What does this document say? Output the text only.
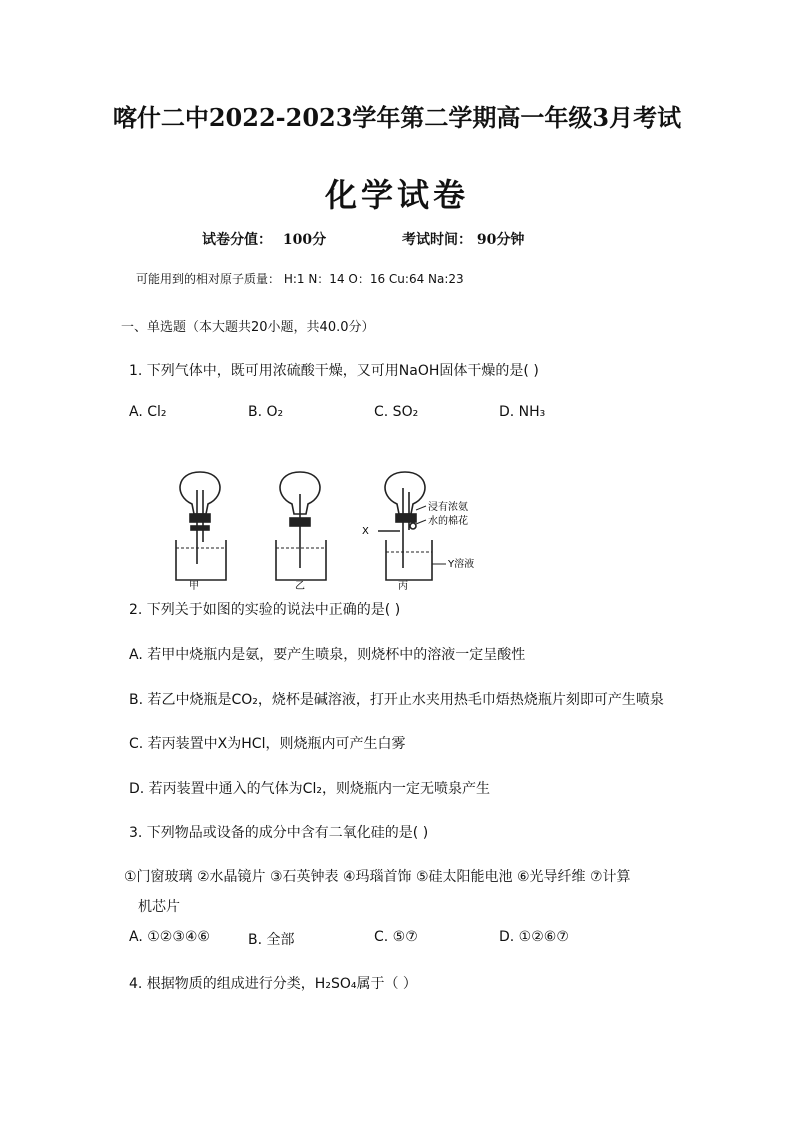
喀什二中2022-2023学年第二学期高一年级3月考试
化学试卷
试卷分值： 100分	考试时间： 90分钟
可能用到的相对原子质量： H:1 N：14 O：16 Cu:64 Na:23
一、单选题（本大题共20小题，共40.0分）
1. 下列气体中，既可用浓硫酸干燥，又可用NaOH固体干燥的是( )
A. Cl₂	B. O₂	C. SO₂	D. NH₃
甲	乙	丙
X
浸有浓氨
水的棉花
Y溶液
2. 下列关于如图的实验的说法中正确的是( )
A. 若甲中烧瓶内是氨，要产生喷泉，则烧杯中的溶液一定呈酸性
B. 若乙中烧瓶是CO₂，烧杯是碱溶液，打开止水夹用热毛巾焐热烧瓶片刻即可产生喷泉
C. 若丙装置中X为HCl，则烧瓶内可产生白雾
D. 若丙装置中通入的气体为Cl₂，则烧瓶内一定无喷泉产生
3. 下列物品或设备的成分中含有二氧化硅的是( )
①门窗玻璃 ②水晶镜片 ③石英钟表 ④玛瑙首饰 ⑤硅太阳能电池 ⑥光导纤维 ⑦计算
机芯片
A. ①②③④⑥	B. 全部	C. ⑤⑦	D. ①②⑥⑦
4. 根据物质的组成进行分类，H₂SO₄属于（ ）
